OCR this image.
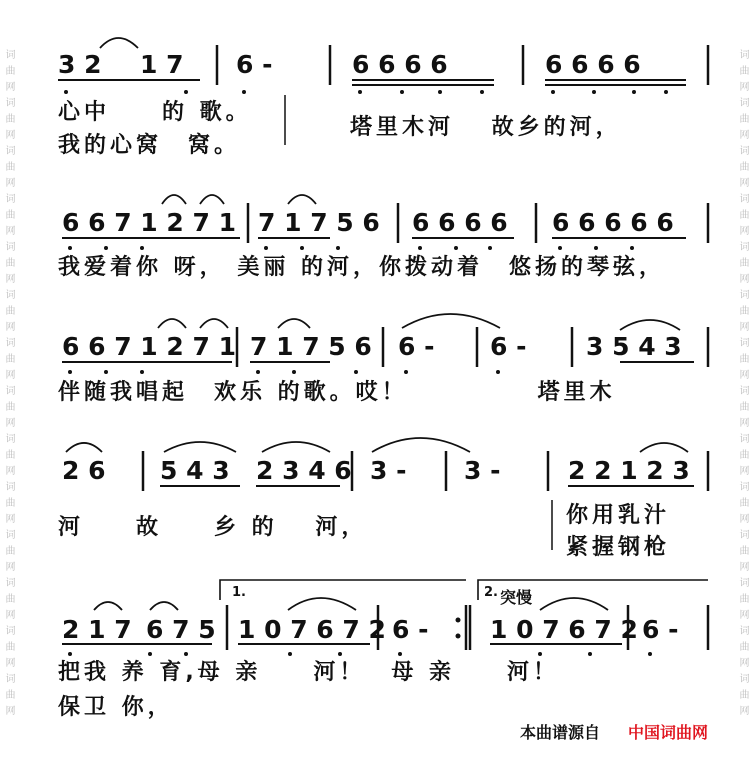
词曲网词曲网词曲网词曲网词曲网词曲网词曲网词曲网词曲网词曲网词曲网词曲网词曲网词曲网
词曲网词曲网词曲网词曲网词曲网词曲网词曲网词曲网词曲网词曲网词曲网词曲网词曲网词曲网
3 2 1 7 6 -	6 6 6 6	6 6 6 6
心中　　的 歌。
我的心窝　窝。
塔里木河　 故乡的河，
6 6 7 1 2 7 1 7 1 7 5 6 6 6 6 6 6 6 6 6 6
我爱着你 呀， 美丽 的河，你拨动着　悠扬的琴弦，
6 6 7 1 2 7 1 7 1 7 5 6 6 - 6 - 3 5 4 3
伴随我唱起　欢乐 的歌。哎！　　　　　塔里木
2 6 5 4 3 2 3 4 6 3 - 3 -	2 2 1 2 3
河　　故　　乡 的　 河，	你用乳汁
紧握钢枪
2 1 7 6 7 5 1 0 7 6 7 2 6 - 1 0 7 6 7 2 6 -
1.	2. 突慢
把我 养 育,母 亲　　河！　母 亲　　河！
保卫 你，
本曲谱源自 中国词曲网
